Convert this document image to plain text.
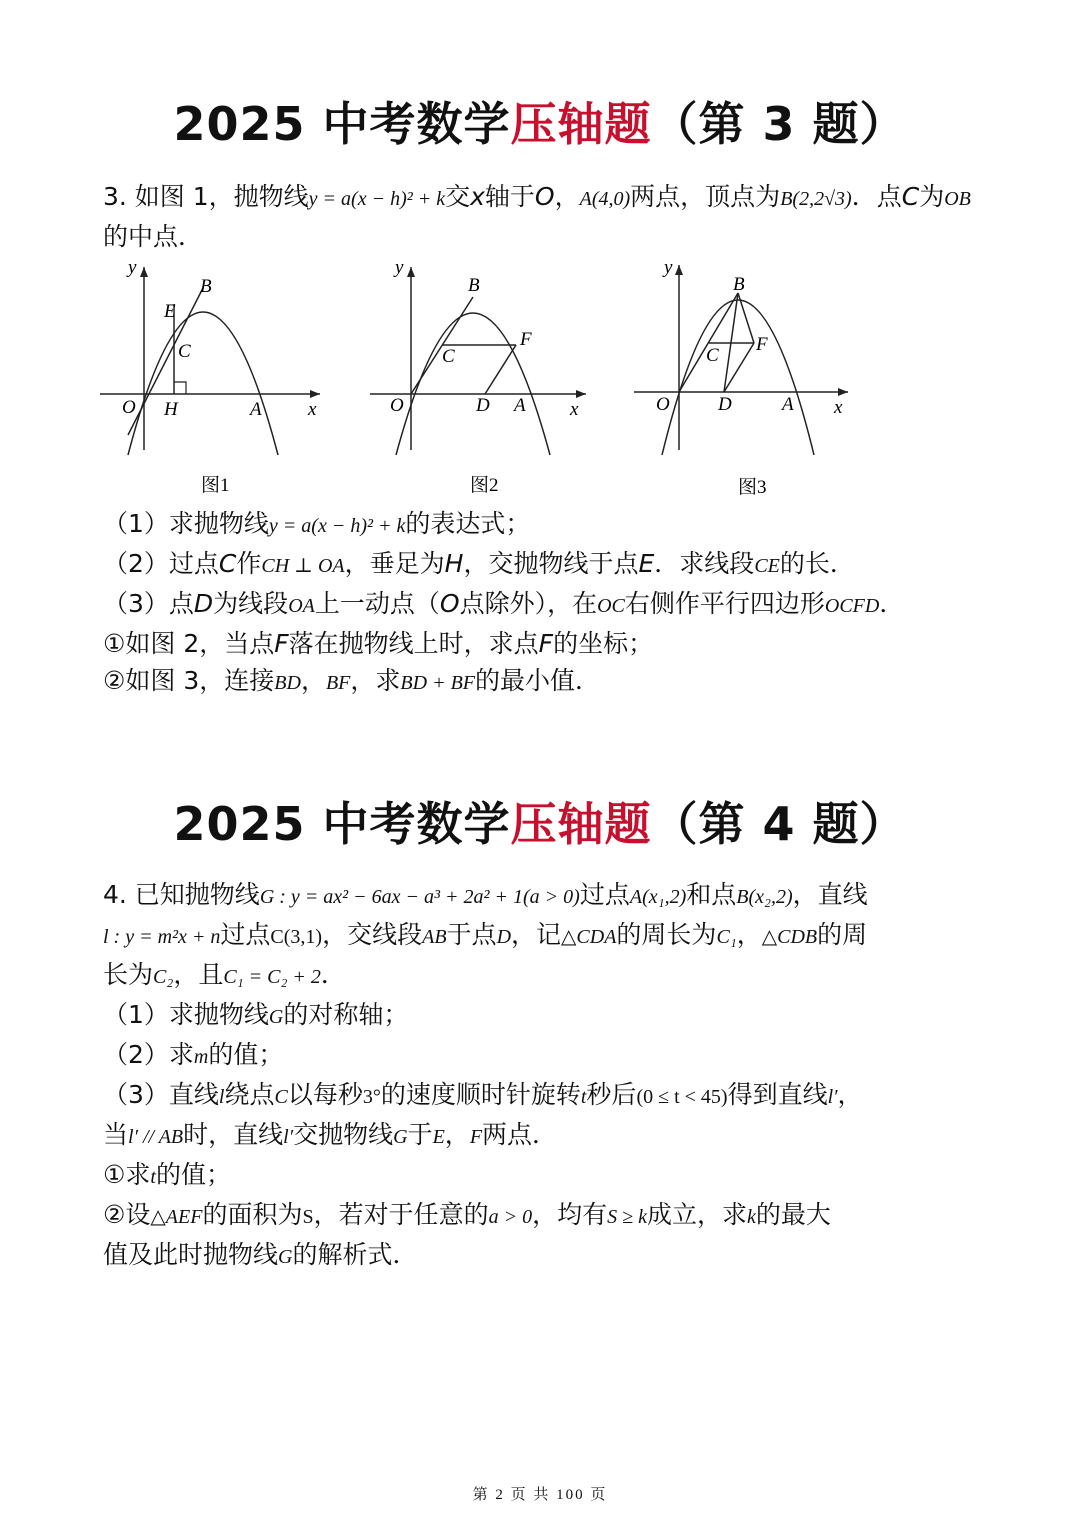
2025 中考数学压轴题（第 3 题）
3. 如图 1，抛物线y = a(x − h)² + k交x轴于O，A(4,0)两点，顶点为B(2,2√3)．点C为OB的中点．
y
x
O	A
B
C
E
H
图1
y
x
O	A
B
C
D
F
图2
y
x
O	A
B
C
D
F
图3
（1）求抛物线y = a(x − h)² + k的表达式；
（2）过点C作CH ⊥ OA，垂足为H，交抛物线于点E．求线段CE的长．
（3）点D为线段OA上一动点（O点除外），在OC右侧作平行四边形OCFD．
①如图 2，当点F落在抛物线上时，求点F的坐标；
②如图 3，连接BD，BF，求BD + BF的最小值．
2025 中考数学压轴题（第 4 题）
4. 已知抛物线G : y = ax² − 6ax − a³ + 2a² + 1(a > 0)过点A(x₁,2)和点B(x₂,2)，直线
l : y = m²x + n过点C(3,1)，交线段AB于点D，记△CDA的周长为C₁，△CDB的周
长为C₂，且C₁ = C₂ + 2．
（1）求抛物线G的对称轴；
（2）求m的值；
（3）直线l绕点C以每秒3°的速度顺时针旋转t秒后(0 ≤ t < 45)得到直线l′，
当l′ // AB时，直线l′交抛物线G于E，F两点．
①求t的值；
②设△AEF的面积为S，若对于任意的a > 0，均有S ≥ k成立，求k的最大
值及此时抛物线G的解析式．
第 2 页 共 100 页
